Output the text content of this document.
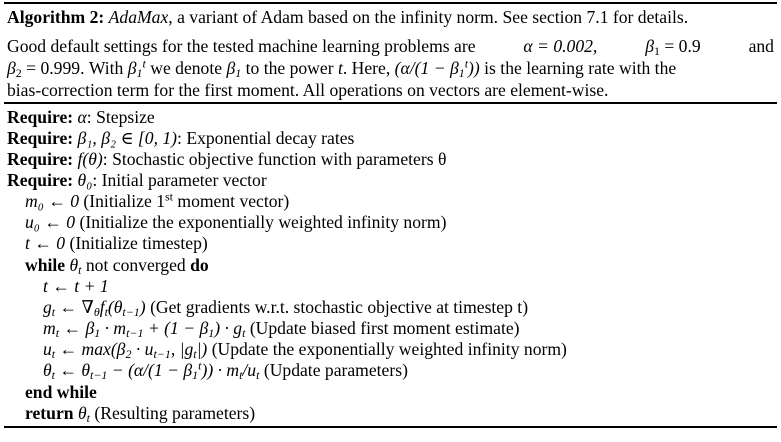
Algorithm 2: AdaMax, a variant of Adam based on the infinity norm. See section 7.1 for details.
Good default settings for the tested machine learning problems are	α = 0.002,	$\beta_1 = 0.9$	and
$\beta_2 = 0.999$. With $\beta_1^t$ we denote $\beta_1$ to the power t. Here, $(\alpha/(1 - \beta_1^t))$ is the learning rate with the
bias-correction term for the first moment. All operations on vectors are element-wise.
Require: α: Stepsize
Require: β₁, β₂ ∈ [0, 1): Exponential decay rates
Require: f(θ): Stochastic objective function with parameters θ
Require: θ₀: Initial parameter vector
m₀ ← 0 (Initialize 1st moment vector)
u₀ ← 0 (Initialize the exponentially weighted infinity norm)
t ← 0 (Initialize timestep)
while $\theta_t$ not converged do
t ← t + 1
$g_t$ ← $\nabla_\theta f_t(\theta_{t-1})$ (Get gradients w.r.t. stochastic objective at timestep t)
$m_t$ ← $\beta_1 \cdot m_{t-1} + (1 - \beta_1) \cdot g_t$ (Update biased first moment estimate)
$u_t$ ← $\max(\beta_2 \cdot u_{t-1}$, $|g_t|$) (Update the exponentially weighted infinity norm)
$\theta_t$ ← $\theta_{t-1} - (\alpha/(1 - \beta_1^t)) \cdot m_t/u_t$ (Update parameters)
end while
return $\theta_t$ (Resulting parameters)
